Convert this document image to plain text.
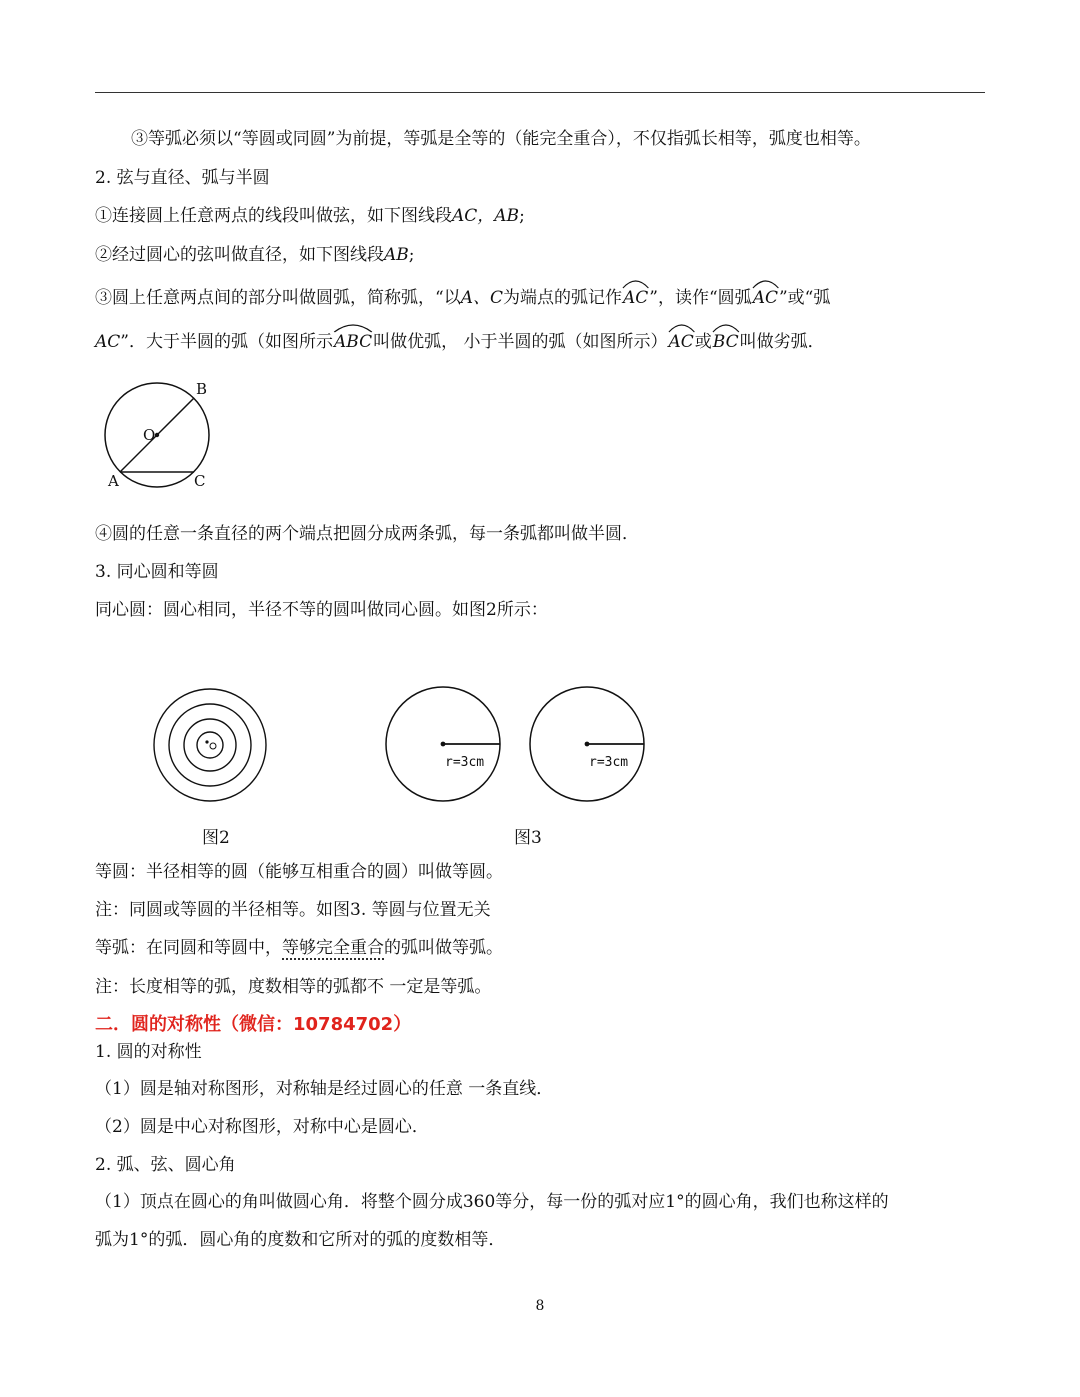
③等弧必须以“等圆或同圆”为前提，等弧是全等的（能完全重合），不仅指弧长相等，弧度也相等。
2. 弦与直径、弧与半圆
①连接圆上任意两点的线段叫做弦，如下图线段AC，AB;
②经过圆心的弦叫做直径，如下图线段AB;
③圆上任意两点间的部分叫做圆弧，简称弧，“以A、C为端点的弧记作
AC”，读作“圆弧
AC”或“弧
AC”．大于半圆的弧（如图所示
ABC叫做优弧， 小于半圆的弧（如图所示）
AC或
BC叫做劣弧．
B
O
A	C
④圆的任意一条直径的两个端点把圆分成两条弧，每一条弧都叫做半圆．
3. 同心圆和等圆
同心圆：圆心相同，半径不等的圆叫做同心圆。如图2所示：
图2
r=3cm	r=3cm
图3
等圆：半径相等的圆（能够互相重合的圆）叫做等圆。
注：同圆或等圆的半径相等。如图3. 等圆与位置无关
等弧：在同圆和等圆中，等够完全重合的弧叫做等弧。
注：长度相等的弧，度数相等的弧都不 一定是等弧。
二．圆的对称性（微信：10784702）
1. 圆的对称性
（1）圆是轴对称图形，对称轴是经过圆心的任意 一条直线．
（2）圆是中心对称图形，对称中心是圆心．
2. 弧、弦、圆心角
（1）顶点在圆心的角叫做圆心角．将整个圆分成360等分，每一份的弧对应1°的圆心角，我们也称这样的
弧为1°的弧．圆心角的度数和它所对的弧的度数相等．
8
